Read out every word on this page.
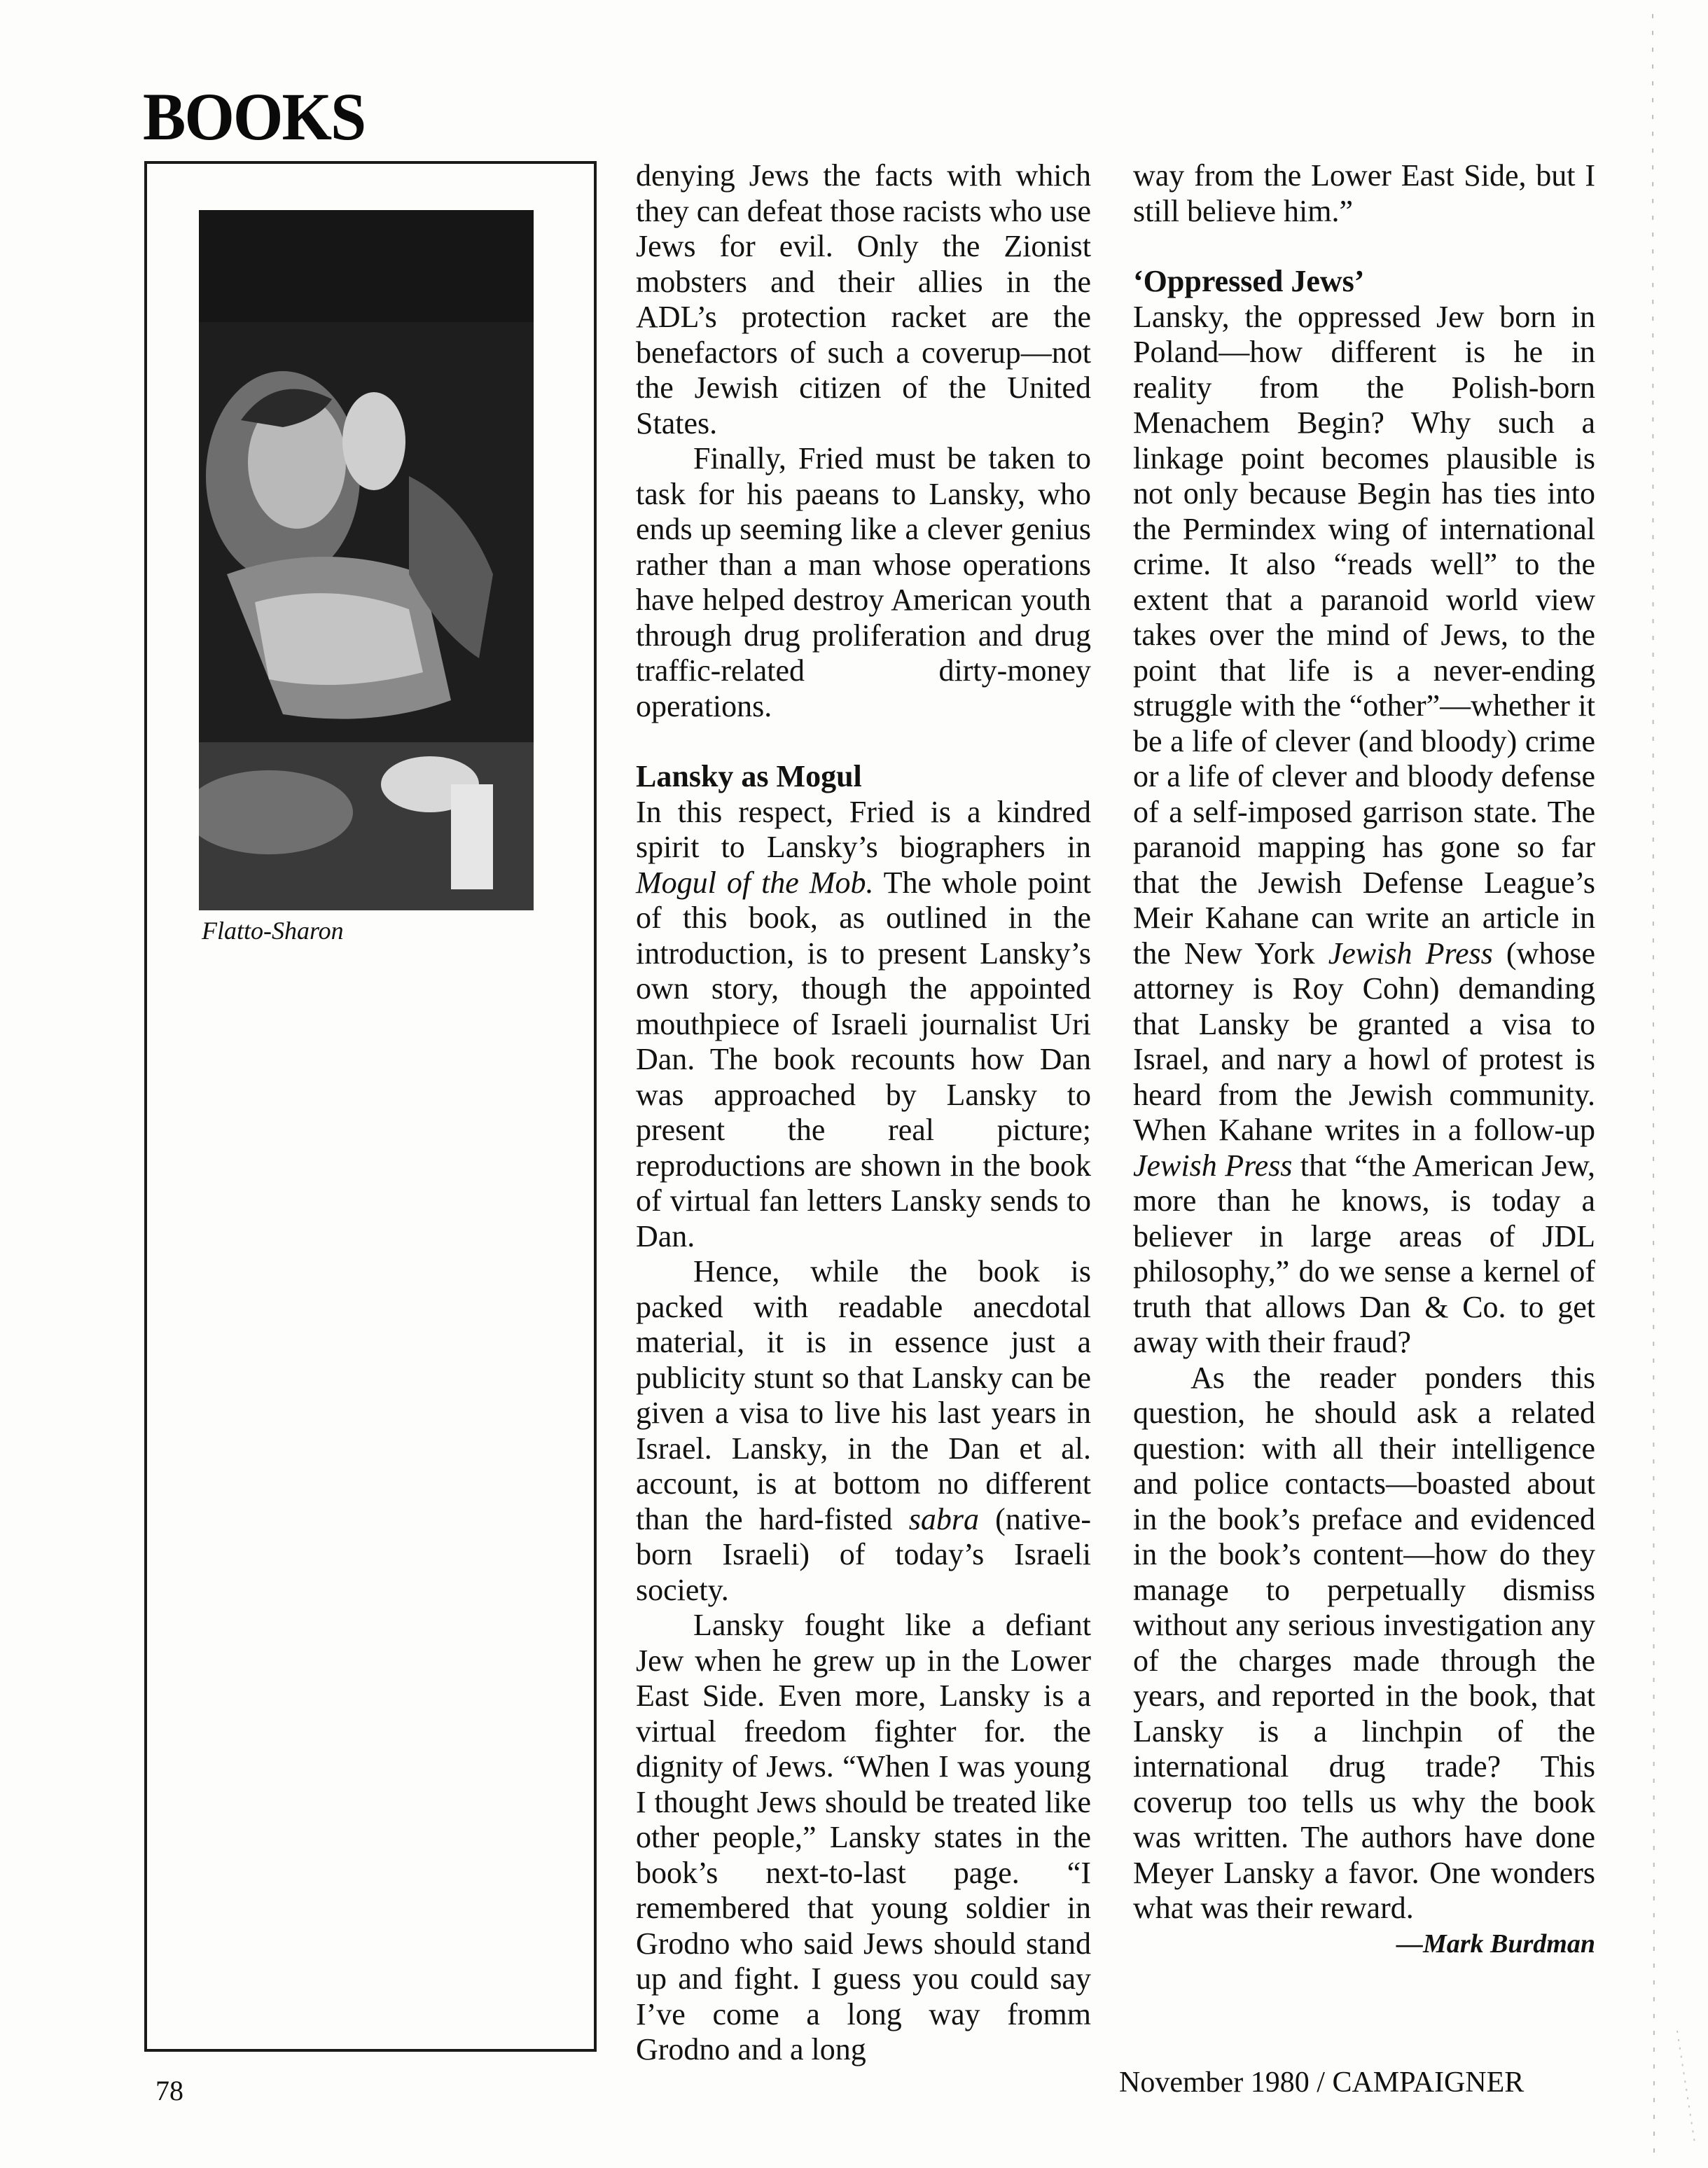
BOOKS
Flatto-Sharon

denying Jews the facts with which they can defeat those racists who use Jews for evil. Only the Zionist mobsters and their allies in the ADL’s protection racket are the benefactors of such a coverup—not the Jewish citizen of the United States.

Finally, Fried must be taken to task for his paeans to Lansky, who ends up seeming like a clever genius rather than a man whose operations have helped destroy American youth through drug proliferation and drug traffic-related dirty-money operations.

Lansky as Mogul

In this respect, Fried is a kindred spirit to Lansky’s biographers in Mogul of the Mob. The whole point of this book, as outlined in the introduction, is to present Lansky’s own story, though the appointed mouthpiece of Israeli journalist Uri Dan. The book recounts how Dan was approached by Lansky to present the real picture; reproductions are shown in the book of virtual fan letters Lansky sends to Dan.

Hence, while the book is packed with readable anecdotal material, it is in essence just a publicity stunt so that Lansky can be given a visa to live his last years in Israel. Lansky, in the Dan et al. account, is at bottom no different than the hard-fisted sabra (native-born Israeli) of today’s Israeli society.

Lansky fought like a defiant Jew when he grew up in the Lower East Side. Even more, Lansky is a virtual freedom fighter for. the dignity of Jews. “When I was young I thought Jews should be treated like other people,” Lansky states in the book’s next-to-last page. “I remembered that young soldier in Grodno who said Jews should stand up and fight. I guess you could say I’ve come a long way fromm Grodno and a long

way from the Lower East Side, but I still believe him.”

‘Oppressed Jews’

Lansky, the oppressed Jew born in Poland—how different is he in reality from the Polish-born Menachem Begin? Why such a linkage point becomes plausible is not only because Begin has ties into the Permindex wing of international crime. It also “reads well” to the extent that a paranoid world view takes over the mind of Jews, to the point that life is a never-ending struggle with the “other”—whether it be a life of clever (and bloody) crime or a life of clever and bloody defense of a self-imposed garrison state. The paranoid mapping has gone so far that the Jewish Defense League’s Meir Kahane can write an article in the New York Jewish Press (whose attorney is Roy Cohn) demanding that Lansky be granted a visa to Israel, and nary a howl of protest is heard from the Jewish community. When Kahane writes in a follow-up Jewish Press that “the American Jew, more than he knows, is today a believer in large areas of JDL philosophy,” do we sense a kernel of truth that allows Dan & Co. to get away with their fraud?

As the reader ponders this question, he should ask a related question: with all their intelligence and police contacts—boasted about in the book’s preface and evidenced in the book’s content—how do they manage to perpetually dismiss without any serious investigation any of the charges made through the years, and reported in the book, that Lansky is a linchpin of the international drug trade? This coverup too tells us why the book was written. The authors have done Meyer Lansky a favor. One wonders what was their reward.

—Mark Burdman

78	November 1980 / CAMPAIGNER
